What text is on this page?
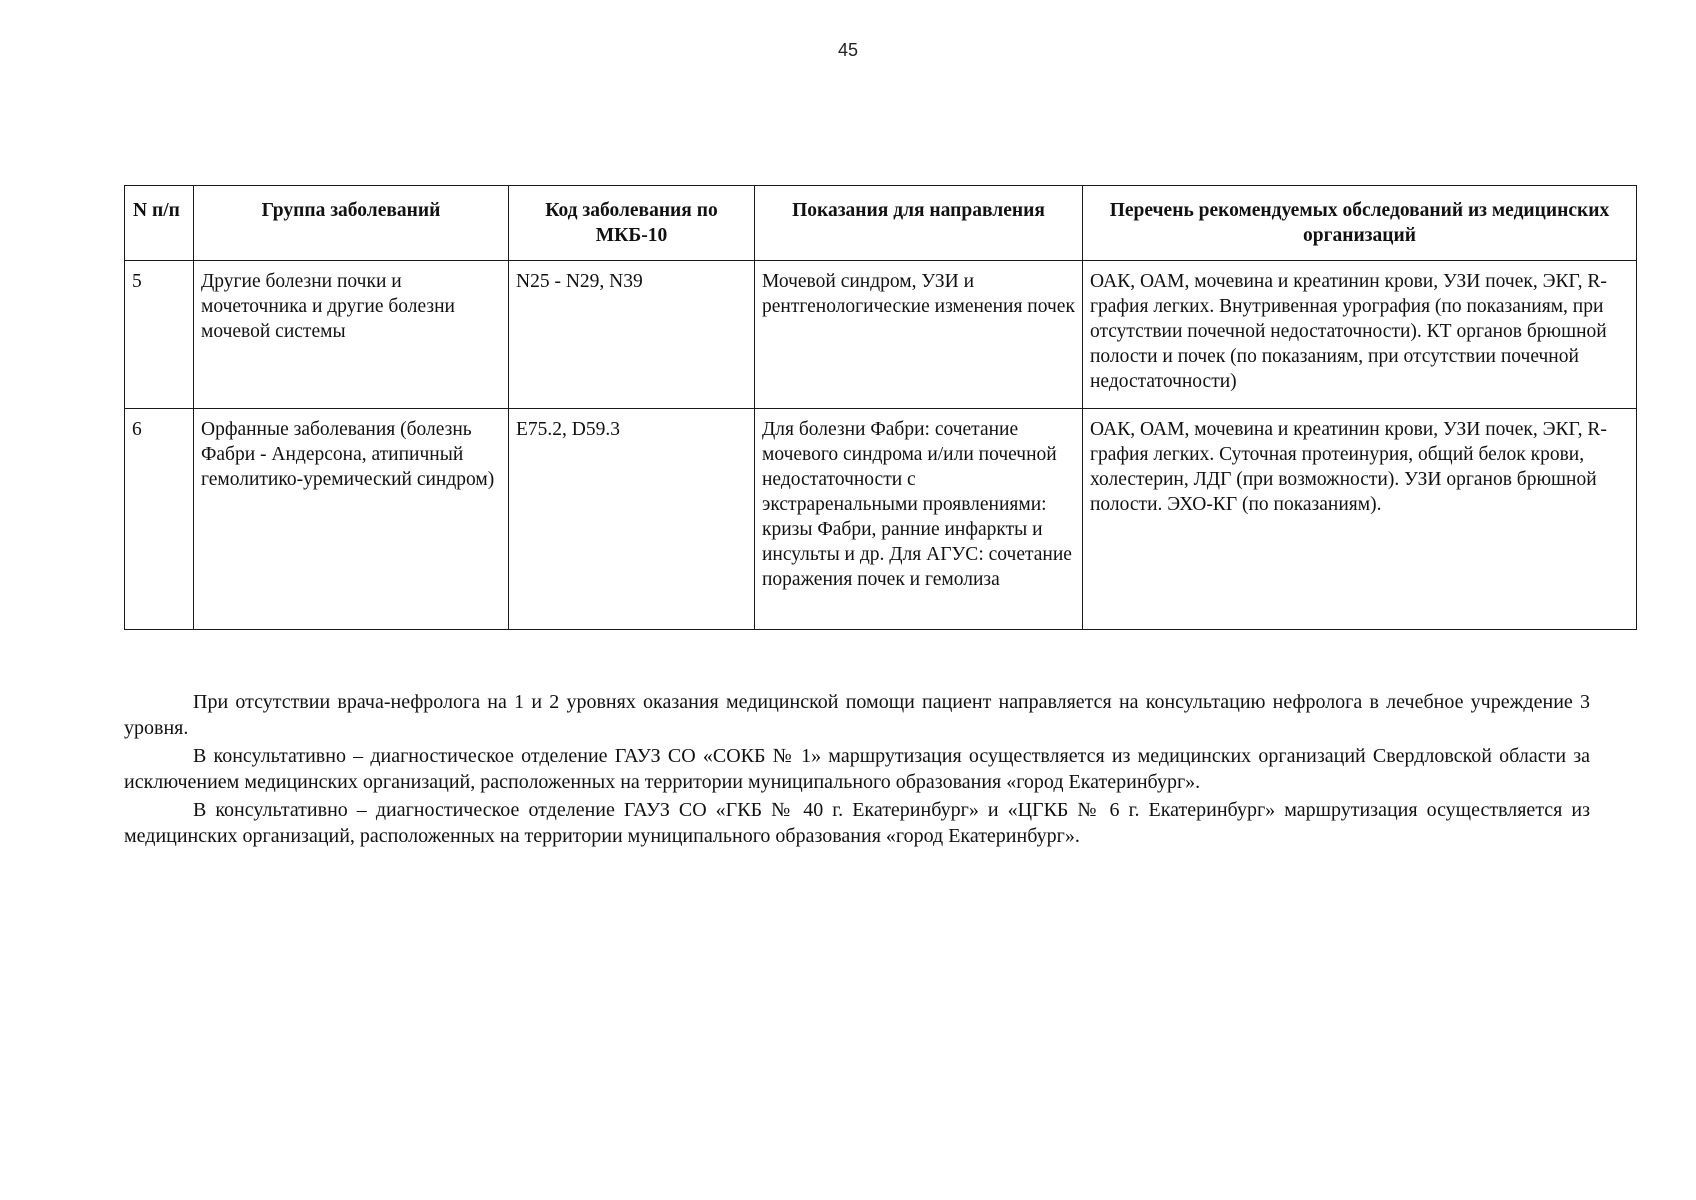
45
N п/п	Группа заболеваний	Код заболевания по МКБ-10	Показания для направления	Перечень рекомендуемых обследований из медицинских организаций
5	Другие болезни почки и мочеточника и другие болезни мочевой системы	N25 - N29, N39	Мочевой синдром, УЗИ и рентгенологические изменения почек	ОАК, ОАМ, мочевина и креатинин крови, УЗИ почек, ЭКГ, R-графия легких. Внутривенная урография (по показаниям, при отсутствии почечной недостаточности). КТ органов брюшной полости и почек (по показаниям, при отсутствии почечной недостаточности)
6	Орфанные заболевания (болезнь Фабри - Андерсона, атипичный гемолитико-уремический синдром)	E75.2, D59.3	Для болезни Фабри: сочетание мочевого синдрома и/или почечной недостаточности с экстраренальными проявлениями: кризы Фабри, ранние инфаркты и инсульты и др. Для АГУС: сочетание поражения почек и гемолиза	ОАК, ОАМ, мочевина и креатинин крови, УЗИ почек, ЭКГ, R-графия легких. Суточная протеинурия, общий белок крови, холестерин, ЛДГ (при возможности). УЗИ органов брюшной полости. ЭХО-КГ (по показаниям).

При отсутствии врача-нефролога на 1 и 2 уровнях оказания медицинской помощи пациент направляется на консультацию нефролога в лечебное учреждение 3 уровня.

В консультативно – диагностическое отделение ГАУЗ СО «СОКБ № 1» маршрутизация осуществляется из медицинских организаций Свердловской области за исключением медицинских организаций, расположенных на территории муниципального образования «город Екатеринбург».

В консультативно – диагностическое отделение ГАУЗ СО «ГКБ № 40 г. Екатеринбург» и «ЦГКБ № 6 г. Екатеринбург» маршрутизация осуществляется из медицинских организаций, расположенных на территории муниципального образования «город Екатеринбург».
